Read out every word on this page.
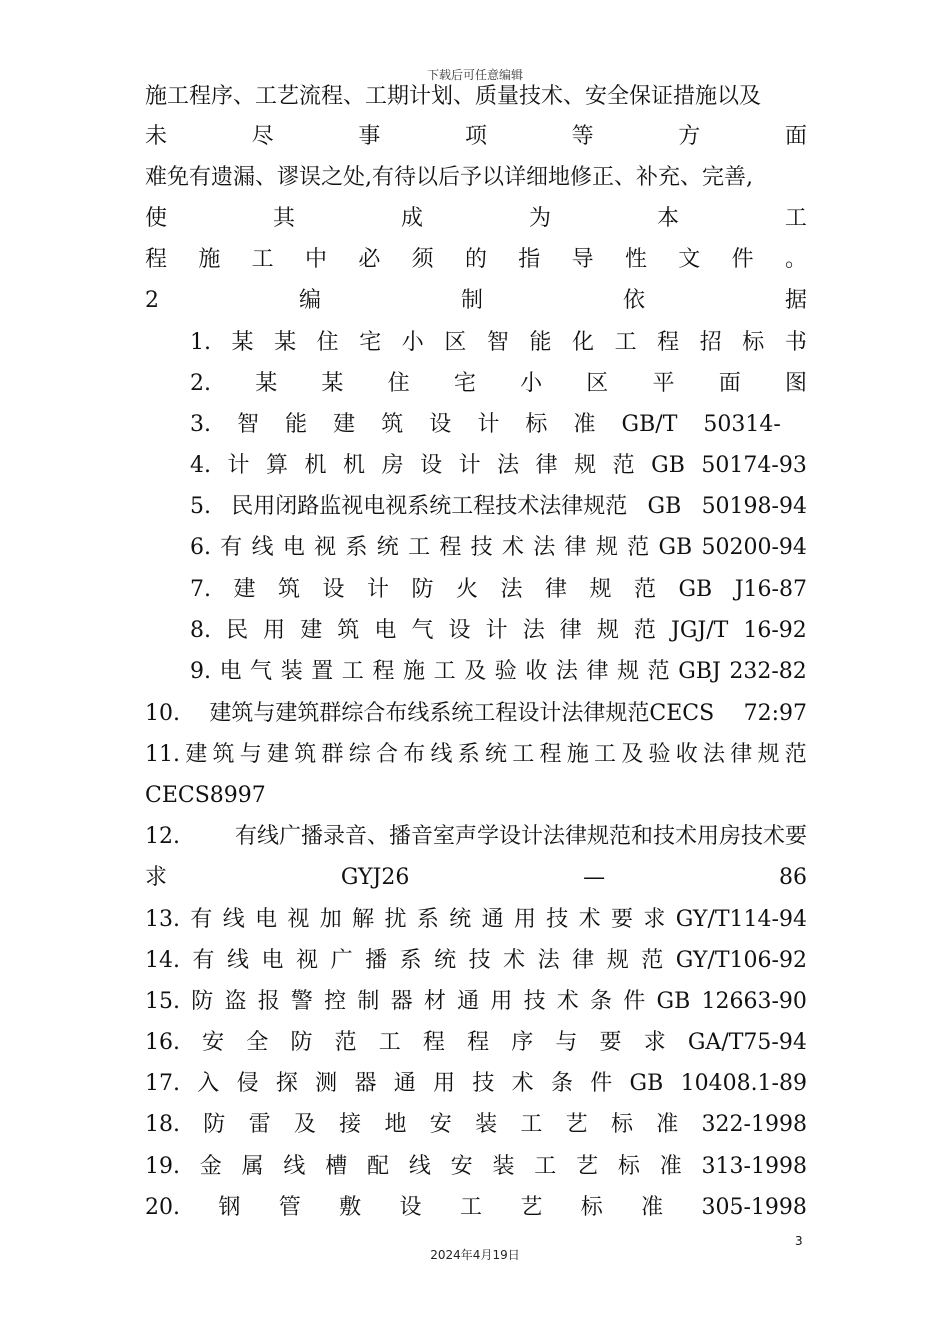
下载后可任意编辑
施工程序、工艺流程、工期计划、质量技术、安全保证措施以及
未	尽	事	项	等	方	面
难免有遗漏、谬误之处,有待以后予以详细地修正、补充、完善,
使	其	成	为	本	工
程 施 工 中 必 须 的 指 导 性 文 件 。
2	编	制	依	据
1. 某 某 住 宅 小 区 智 能 化 工 程 招 标 书
2. 某 某 住 宅 小 区 平 面 图
3. 智 能 建 筑 设 计 标 准 GB/T 50314-
4. 计 算 机 机 房 设 计 法 律 规 范 GB 50174-93
5. 民用闭路监视电视系统工程技术法律规范 GB 50198-94
6. 有 线 电 视 系 统 工 程 技 术 法 律 规 范 GB 50200-94
7. 建 筑 设 计 防 火 法 律 规 范 GB J16-87
8. 民 用 建 筑 电 气 设 计 法 律 规 范 JGJ/T 16-92
9. 电 气 装 置 工 程 施 工 及 验 收 法 律 规 范 GBJ 232-82
10. 建筑与建筑群综合布线系统工程设计法律规范CECS 72:97
11. 建 筑 与 建 筑 群 综 合 布 线 系 统 工 程 施 工 及 验 收 法 律 规 范
CECS8997
12. 有线广播录音、播音室声学设计法律规范和技术用房技术要
求	GYJ26	—	86
13. 有 线 电 视 加 解 扰 系 统 通 用 技 术 要 求 GY/T114-94
14. 有 线 电 视 广 播 系 统 技 术 法 律 规 范 GY/T106-92
15. 防 盗 报 警 控 制 器 材 通 用 技 术 条 件 GB 12663-90
16. 安 全 防 范 工 程 程 序 与 要 求 GA/T75-94
17. 入 侵 探 测 器 通 用 技 术 条 件 GB 10408.1-89
18. 防 雷 及 接 地 安 装 工 艺 标 准 322-1998
19. 金 属 线 槽 配 线 安 装 工 艺 标 准 313-1998
20. 钢 管 敷 设 工 艺 标 准 305-1998
3
2024年4月19日
